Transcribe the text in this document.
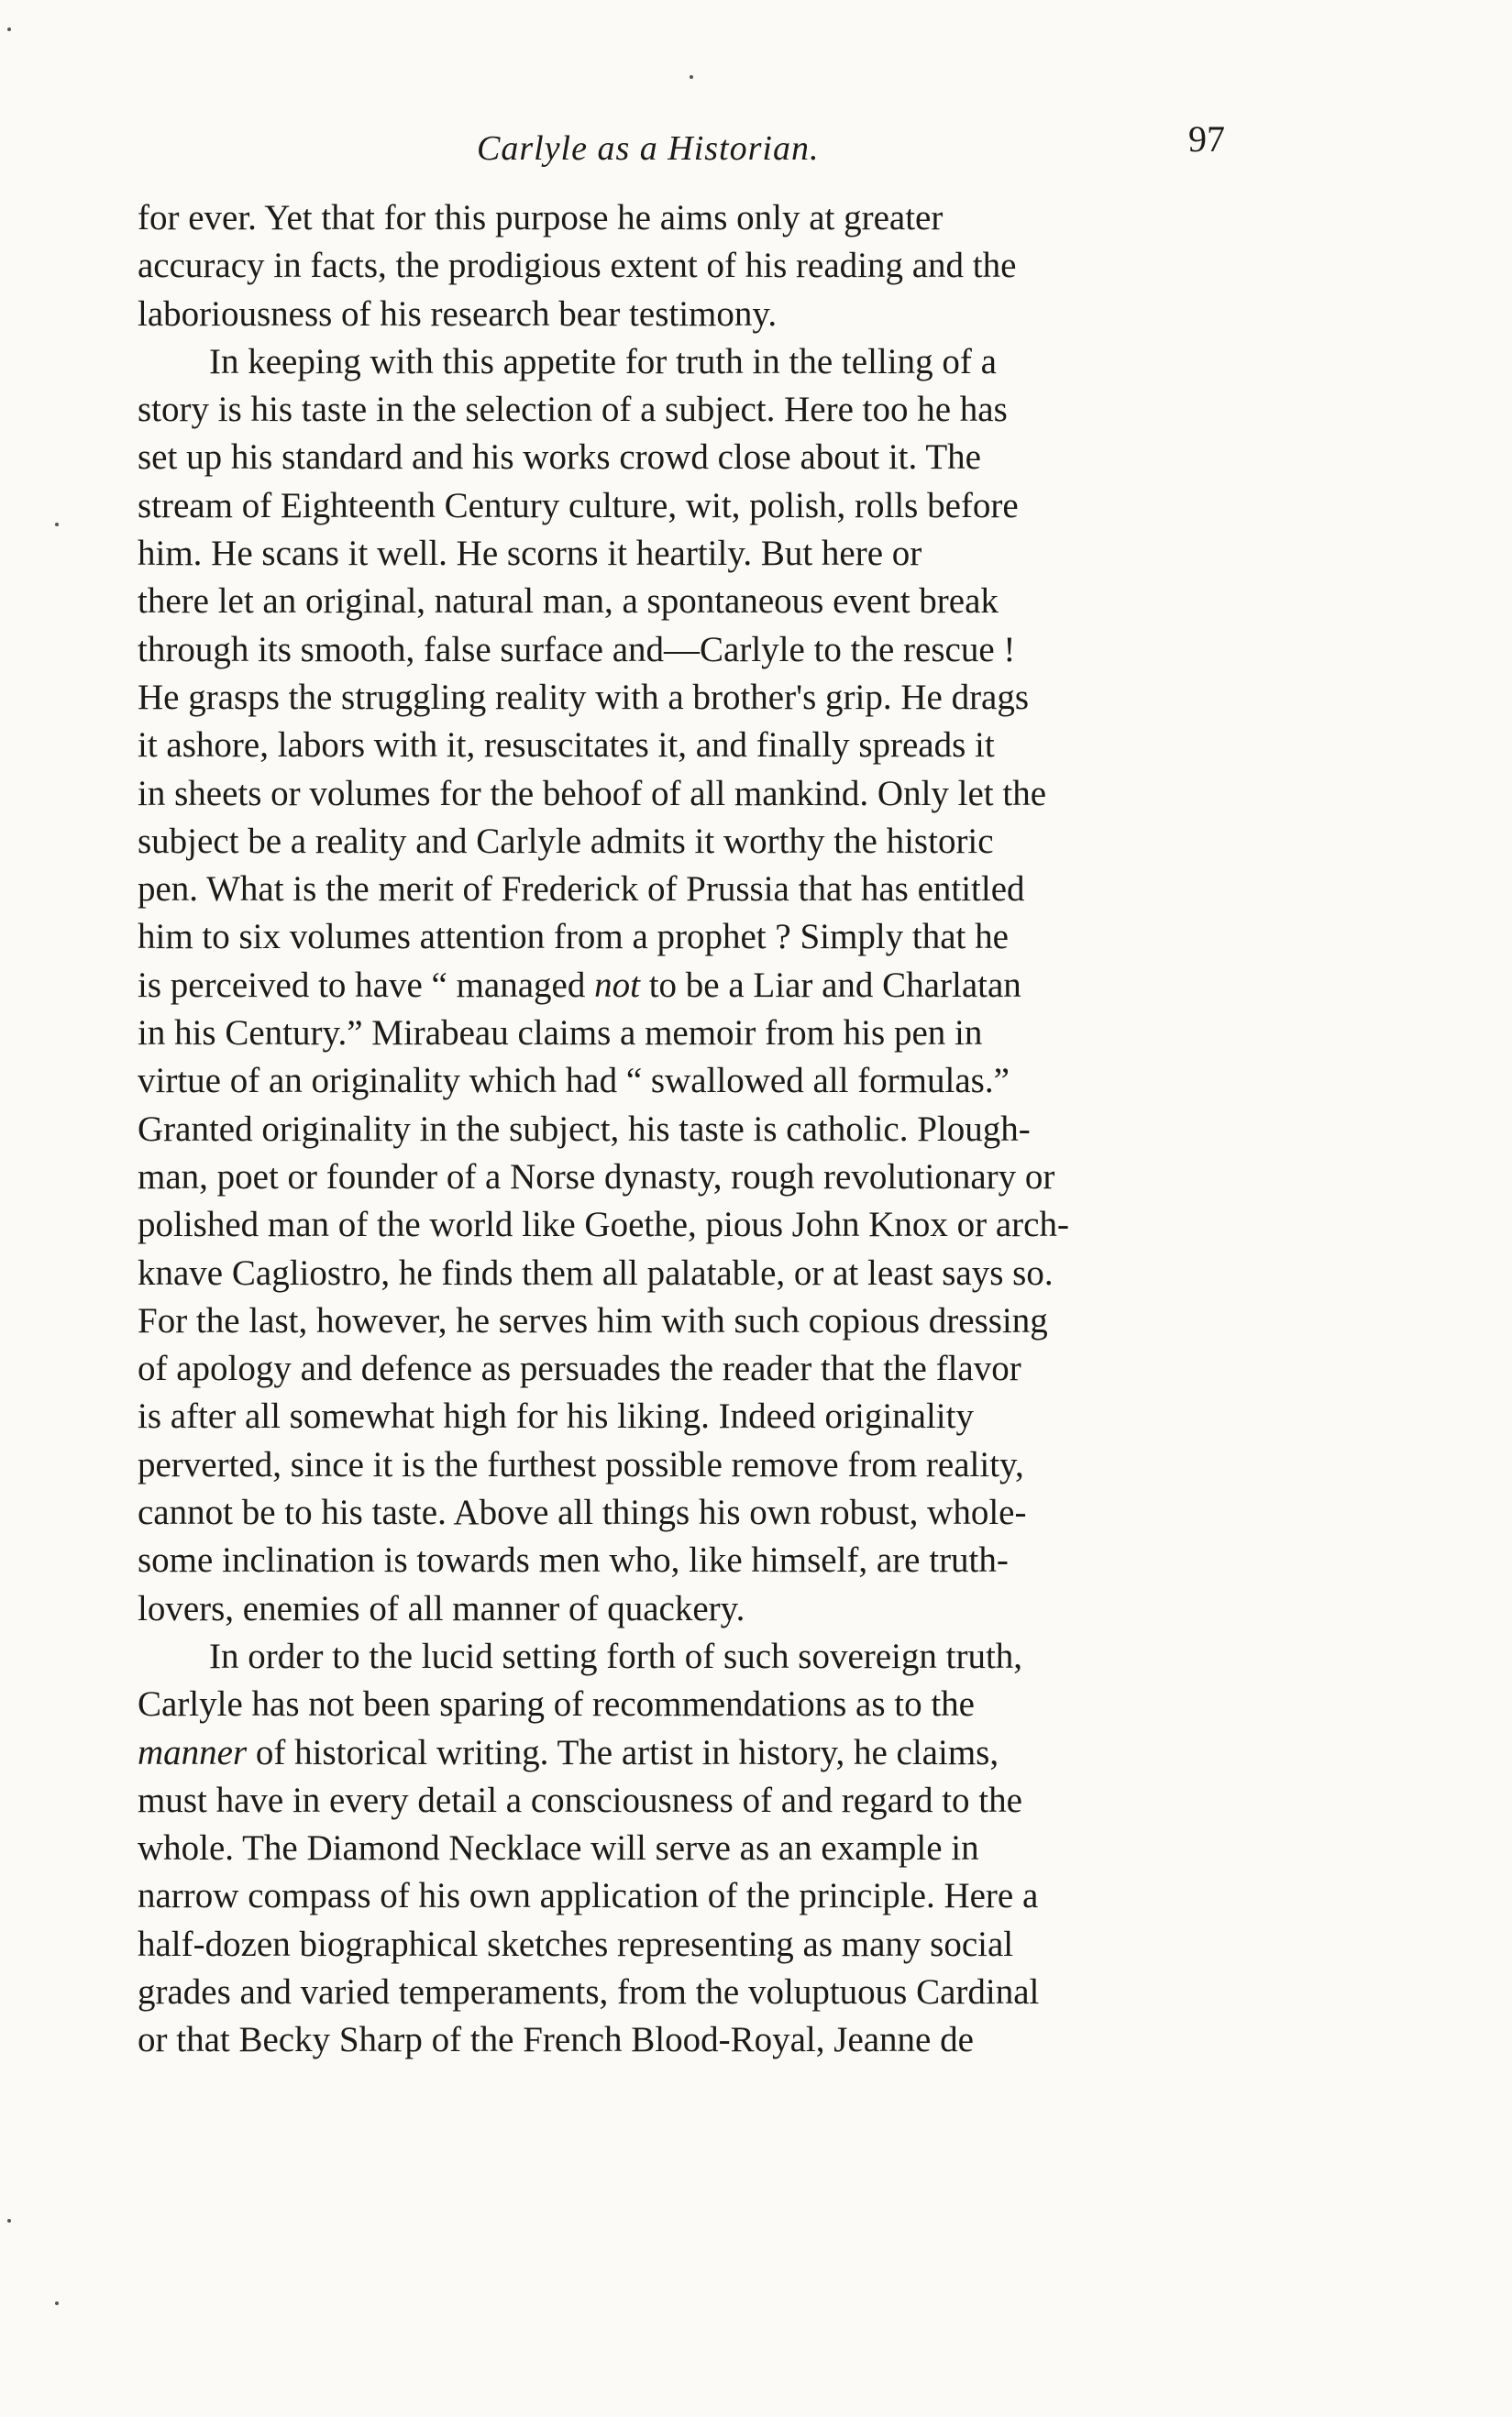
Carlyle as a Historian.	97
for ever. Yet that for this purpose he aims only at greater
accuracy in facts, the prodigious extent of his reading and the
laboriousness of his research bear testimony.
In keeping with this appetite for truth in the telling of a
story is his taste in the selection of a subject. Here too he has
set up his standard and his works crowd close about it. The
stream of Eighteenth Century culture, wit, polish, rolls before
him. He scans it well. He scorns it heartily. But here or
there let an original, natural man, a spontaneous event break
through its smooth, false surface and—Carlyle to the rescue !
He grasps the struggling reality with a brother's grip. He drags
it ashore, labors with it, resuscitates it, and finally spreads it
in sheets or volumes for the behoof of all mankind. Only let the
subject be a reality and Carlyle admits it worthy the historic
pen. What is the merit of Frederick of Prussia that has entitled
him to six volumes attention from a prophet ? Simply that he
is perceived to have “ managed not to be a Liar and Charlatan
in his Century.” Mirabeau claims a memoir from his pen in
virtue of an originality which had “ swallowed all formulas.”
Granted originality in the subject, his taste is catholic. Plough-
man, poet or founder of a Norse dynasty, rough revolutionary or
polished man of the world like Goethe, pious John Knox or arch-
knave Cagliostro, he finds them all palatable, or at least says so.
For the last, however, he serves him with such copious dressing
of apology and defence as persuades the reader that the flavor
is after all somewhat high for his liking. Indeed originality
perverted, since it is the furthest possible remove from reality,
cannot be to his taste. Above all things his own robust, whole-
some inclination is towards men who, like himself, are truth-
lovers, enemies of all manner of quackery.
In order to the lucid setting forth of such sovereign truth,
Carlyle has not been sparing of recommendations as to the
manner of historical writing. The artist in history, he claims,
must have in every detail a consciousness of and regard to the
whole. The Diamond Necklace will serve as an example in
narrow compass of his own application of the principle. Here a
half-dozen biographical sketches representing as many social
grades and varied temperaments, from the voluptuous Cardinal
or that Becky Sharp of the French Blood-Royal, Jeanne de
